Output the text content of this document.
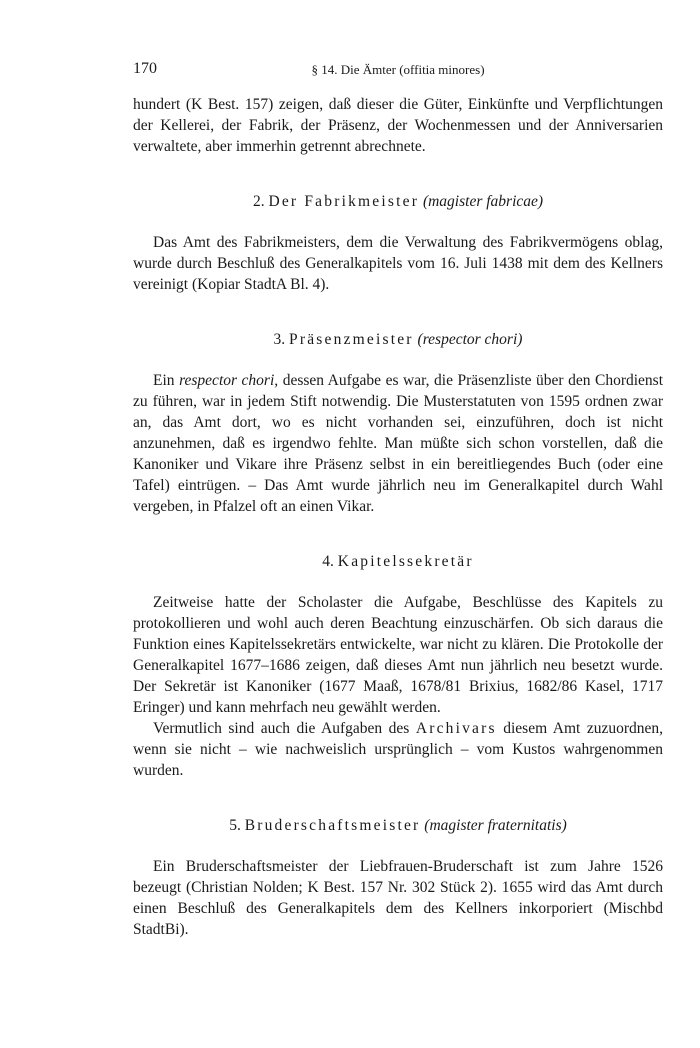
170	§ 14. Die Ämter (offitia minores)

hundert (K Best. 157) zeigen, daß dieser die Güter, Einkünfte und Verpflichtungen der Kellerei, der Fabrik, der Präsenz, der Wochenmessen und der Anniversarien verwaltete, aber immerhin getrennt abrechnete.

2. Der Fabrikmeister (magister fabricae)

Das Amt des Fabrikmeisters, dem die Verwaltung des Fabrikvermögens oblag, wurde durch Beschluß des Generalkapitels vom 16. Juli 1438 mit dem des Kellners vereinigt (Kopiar StadtA Bl. 4).

3. Präsenzmeister (respector chori)

Ein respector chori, dessen Aufgabe es war, die Präsenzliste über den Chordienst zu führen, war in jedem Stift notwendig. Die Musterstatuten von 1595 ordnen zwar an, das Amt dort, wo es nicht vorhanden sei, einzuführen, doch ist nicht anzunehmen, daß es irgendwo fehlte. Man müßte sich schon vorstellen, daß die Kanoniker und Vikare ihre Präsenz selbst in ein bereitliegendes Buch (oder eine Tafel) eintrügen. – Das Amt wurde jährlich neu im Generalkapitel durch Wahl vergeben, in Pfalzel oft an einen Vikar.

4. Kapitelssekretär

Zeitweise hatte der Scholaster die Aufgabe, Beschlüsse des Kapitels zu protokollieren und wohl auch deren Beachtung einzuschärfen. Ob sich daraus die Funktion eines Kapitelssekretärs entwickelte, war nicht zu klären. Die Protokolle der Generalkapitel 1677–1686 zeigen, daß dieses Amt nun jährlich neu besetzt wurde. Der Sekretär ist Kanoniker (1677 Maaß, 1678/81 Brixius, 1682/86 Kasel, 1717 Eringer) und kann mehrfach neu gewählt werden.

Vermutlich sind auch die Aufgaben des Archivars diesem Amt zuzuordnen, wenn sie nicht – wie nachweislich ursprünglich – vom Kustos wahrgenommen wurden.

5. Bruderschaftsmeister (magister fraternitatis)

Ein Bruderschaftsmeister der Liebfrauen-Bruderschaft ist zum Jahre 1526 bezeugt (Christian Nolden; K Best. 157 Nr. 302 Stück 2). 1655 wird das Amt durch einen Beschluß des Generalkapitels dem des Kellners inkorporiert (Mischbd StadtBi).
